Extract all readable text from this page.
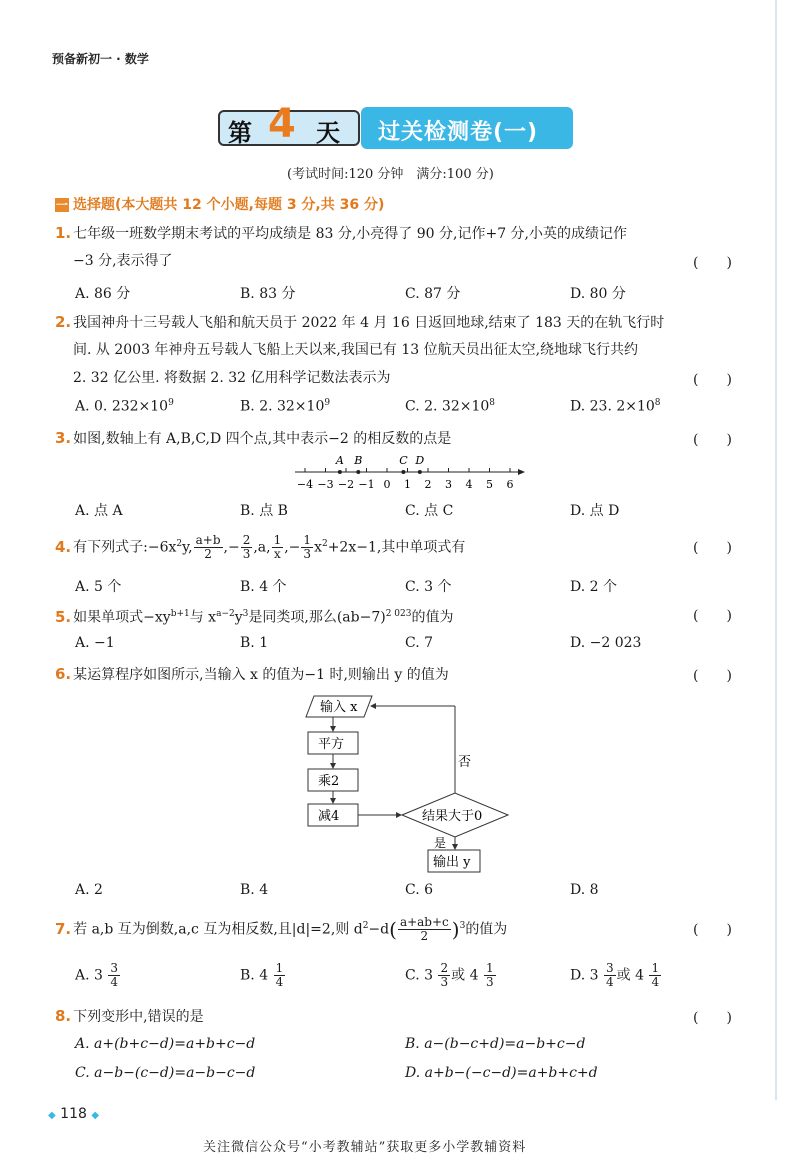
预备新初一 · 数学
第 4 天 过关检测卷(一)
(考试时间:120 分钟　满分:100 分)
一 选择题(本大题共 12 个小题,每题 3 分,共 36 分)
1. 七年级一班数学期末考试的平均成绩是 83 分,小亮得了 90 分,记作+7 分,小英的成绩记作
−3 分,表示得了	(　　)
A. 86 分	B. 83 分	C. 87 分	D. 80 分
2. 我国神舟十三号载人飞船和航天员于 2022 年 4 月 16 日返回地球,结束了 183 天的在轨飞行时
间. 从 2003 年神舟五号载人飞船上天以来,我国已有 13 位航天员出征太空,绕地球飞行共约
2. 32 亿公里. 将数据 2. 32 亿用科学记数法表示为	(　　)
A. 0. $232\times 10^9$	B. 2. $32\times 10^9$	C. 2. $32\times 10^8$	D. 23. $2\times 10^8$
3. 如图,数轴上有 A,B,C,D 四个点,其中表示−2 的相反数的点是	(　　)
−4 −3 −2 −1 0 1 2 3 4 5 6
A B	C D
A. 点 A	B. 点 B	C. 点 C	D. 点 D
4. 有下列式子$:-6x^2y$, $\frac{a+b}{2}$ ,− $\frac{2}{3} ,a$, $\frac{1}{x}$ ,− $\frac{1}{3} x^2+2x-1$,其中单项式有	(　　)
A. 5 个	B. 4 个	C. 3 个	D. 2 个
5. 如果单项式$-xy^{b+1}$与 $x^{a-2}y^3$是同类项,那么$(ab-7)^{2 023}$的值为	(　　)
A. −1	B. 1	C. 7	D. −2 023
6. 某运算程序如图所示,当输入 x 的值为−1 时,则输出 y 的值为	(　　)
输入 x
平方
乘2
减4	结果大于0
否
是
输出 y
A. 2	B. 4	C. 6	D. 8
7. 若 a,b 互为倒数,a,c 互为相反数,且|d|=2,则 $d^2-d( \frac{a+ab+c}{2} )^3$的值为	(　　)
A. $3 \frac{3}{4}$	B. $4 \frac{1}{4}$	C. $3 \frac{2}{3}$ 或 $4 \frac{1}{3}$	D. $3 \frac{3}{4}$ 或 $4 \frac{1}{4}$
8. 下列变形中,错误的是	(　　)
A. a+(b+c−d)=a+b+c−d	B. a−(b−c+d)=a−b+c−d
C. a−b−(c−d)=a−b−c−d	D. a+b−(−c−d)=a+b+c+d
◆ 118 ◆
关注微信公众号“小考教辅站”获取更多小学教辅资料
